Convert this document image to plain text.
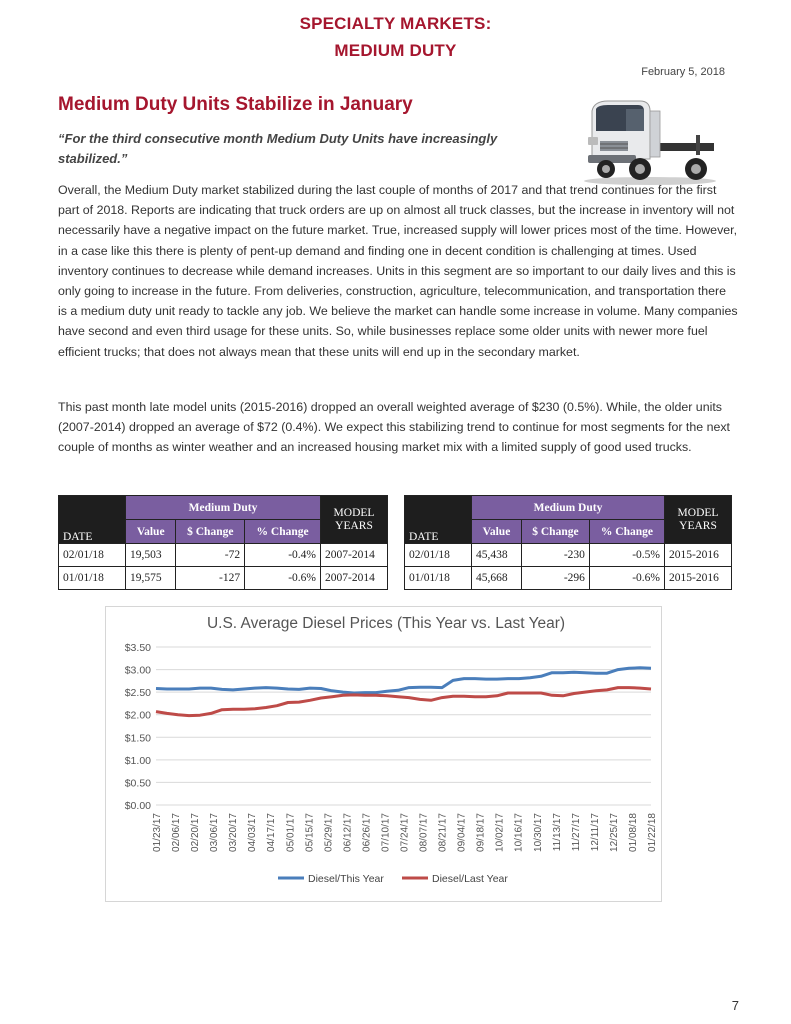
SPECIALTY MARKETS:
MEDIUM DUTY
February 5, 2018
Medium Duty Units Stabilize in January
“For the third consecutive month Medium Duty Units have increasingly stabilized.”
Overall, the Medium Duty market stabilized during the last couple of months of 2017 and that trend continues for the first part of 2018. Reports are indicating that truck orders are up on almost all truck classes, but the increase in inventory will not necessarily have a negative impact on the future market. True, increased supply will lower prices most of the time. However, in a case like this there is plenty of pent-up demand and finding one in decent condition is challenging at times. Used inventory continues to decrease while demand increases. Units in this segment are so important to our daily lives and this is only going to increase in the future. From deliveries, construction, agriculture, telecommunication, and transportation there is a medium duty unit ready to tackle any job. We believe the market can handle some increase in volume. Many companies have second and even third usage for these units. So, while businesses replace some older units with newer more fuel efficient trucks; that does not always mean that these units will end up in the secondary market.
This past month late model units (2015-2016) dropped an overall weighted average of $230 (0.5%). While, the older units (2007-2014) dropped an average of $72 (0.4%). We expect this stabilizing trend to continue for most segments for the next couple of months as winter weather and an increased housing market mix with a limited supply of good used trucks.
DATE	Medium Duty			MODEL YEARS
	Value	$ Change	% Change	
02/01/18	19,503	-72	-0.4%	2007-2014
01/01/18	19,575	-127	-0.6%	2007-2014
DATE	Medium Duty			MODEL YEARS
	Value	$ Change	% Change	
02/01/18	45,438	-230	-0.5%	2015-2016
01/01/18	45,668	-296	-0.6%	2015-2016
U.S. Average Diesel Prices (This Year vs. Last Year)
$0.00
$0.50
$1.00
$1.50
$2.00
$2.50
$3.00
$3.50
01/23/17 02/06/17 02/20/17 03/06/17 03/20/17 04/03/17 04/17/17 05/01/17 05/15/17 05/29/17 06/12/17 06/26/17 07/10/17 07/24/17 08/07/17 08/21/17 09/04/17 09/18/17 10/02/17 10/16/17 10/30/17 11/13/17 11/27/17 12/11/17 12/25/17 01/08/18 01/22/18
Diesel/This Year	Diesel/Last Year
7
